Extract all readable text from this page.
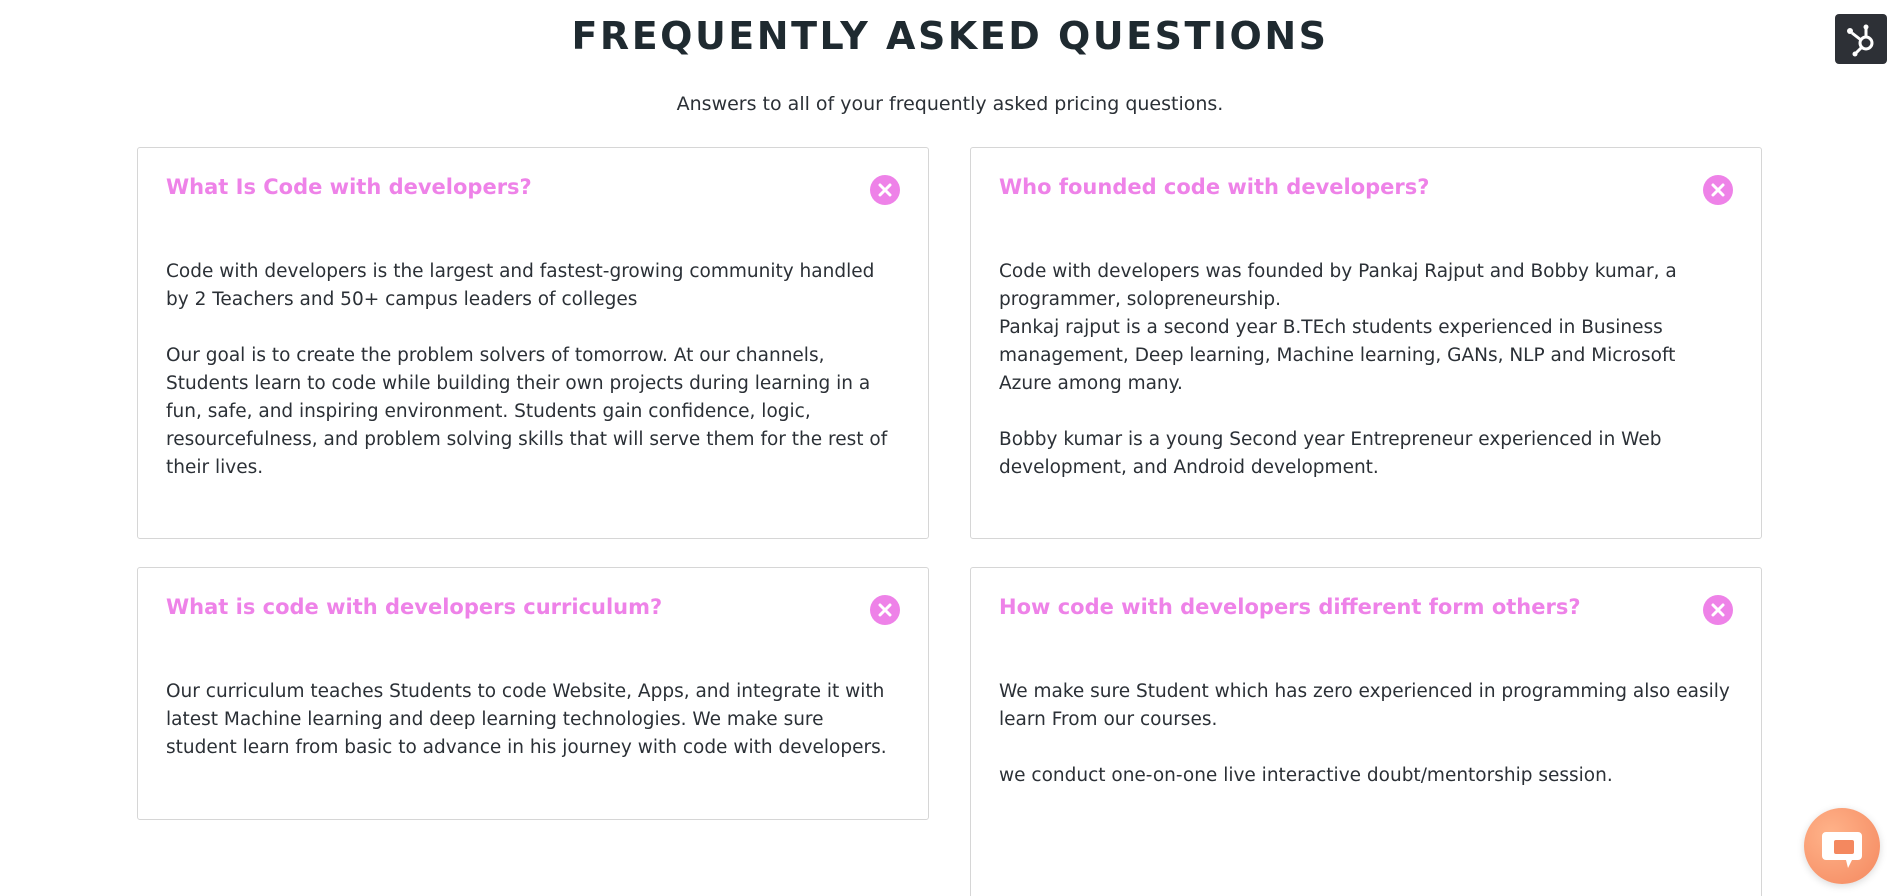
FREQUENTLY ASKED QUESTIONS

Answers to all of your frequently asked pricing questions.

What Is Code with developers?

Code with developers is the largest and fastest-growing community handled by 2 Teachers and 50+ campus leaders of colleges

Our goal is to create the problem solvers of tomorrow. At our channels, Students learn to code while building their own projects during learning in a fun, safe, and inspiring environment. Students gain confidence, logic, resourcefulness, and problem solving skills that will serve them for the rest of their lives.

Who founded code with developers?

Code with developers was founded by Pankaj Rajput and Bobby kumar, a programmer, solopreneurship.
Pankaj rajput is a second year B.TEch students experienced in Business management, Deep learning, Machine learning, GANs, NLP and Microsoft Azure among many.

Bobby kumar is a young Second year Entrepreneur experienced in Web development, and Android development.

What is code with developers curriculum?

Our curriculum teaches Students to code Website, Apps, and integrate it with latest Machine learning and deep learning technologies. We make sure student learn from basic to advance in his journey with code with developers.

How code with developers different form others?

We make sure Student which has zero experienced in programming also easily learn From our courses.

we conduct one-on-one live interactive doubt/mentorship session.
